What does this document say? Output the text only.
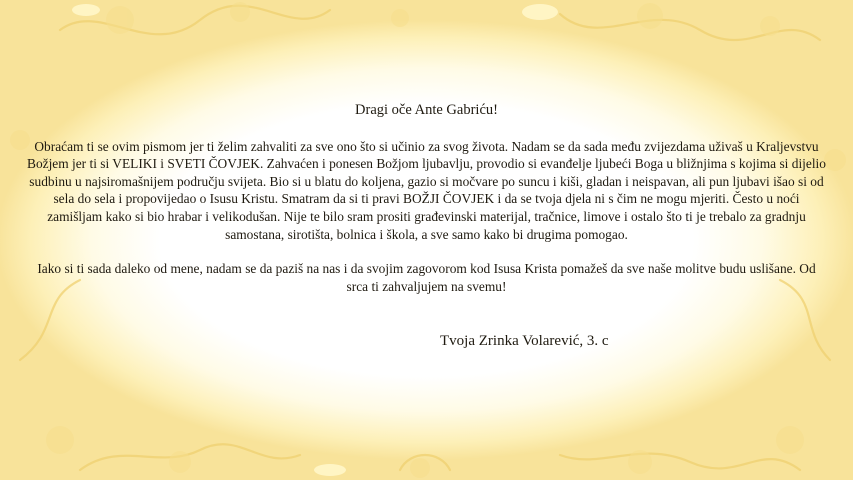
Dragi oče Ante Gabriću!

Obraćam ti se ovim pismom jer ti želim zahvaliti za sve ono što si učinio za svog života. Nadam se da sada među zvijezdama uživaš u Kraljevstvu Božjem jer ti si VELIKI i SVETI ČOVJEK. Zahvaćen i ponesen Božjom ljubavlju, provodio si evanđelje ljubeći Boga u bližnjima s kojima si dijelio sudbinu u najsiromašnijem području svijeta. Bio si u blatu do koljena, gazio si močvare po suncu i kiši, gladan i neispavan, ali pun ljubavi išao si od sela do sela i propovijedao o Isusu Kristu. Smatram da si ti pravi BOŽJI ČOVJEK i da se tvoja djela ni s čim ne mogu mjeriti. Često u noći zamišljam kako si bio hrabar i velikodušan. Nije te bilo sram prositi građevinski materijal, tračnice, limove i ostalo što ti je trebalo za gradnju samostana, sirotišta, bolnica i škola, a sve samo kako bi drugima pomogao.

Iako si ti sada daleko od mene, nadam se da paziš na nas i da svojim zagovorom kod Isusa Krista pomažeš da sve naše molitve budu uslišane. Od srca ti zahvaljujem na svemu!

Tvoja Zrinka Volarević, 3. c
